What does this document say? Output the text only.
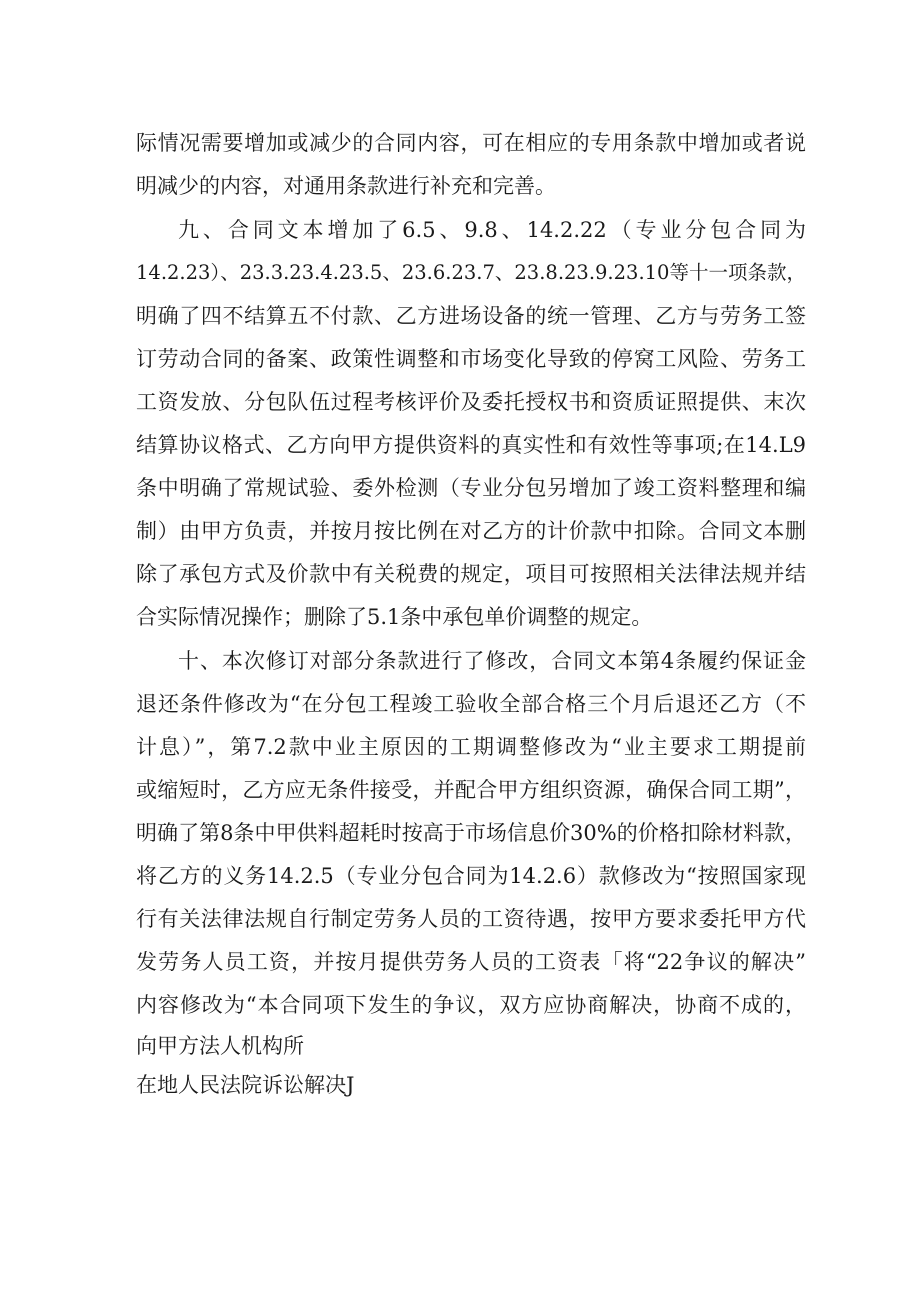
际情况需要增加或减少的合同内容，可在相应的专用条款中增加或者说
明减少的内容，对通用条款进行补充和完善。
九、合同文本增加了6.5、9.8、14.2.22（专业分包合同为
14.2.23）、23.3.23.4.23.5、23.6.23.7、23.8.23.9.23.10等十一项条款，
明确了四不结算五不付款、乙方进场设备的统一管理、乙方与劳务工签
订劳动合同的备案、政策性调整和市场变化导致的停窝工风险、劳务工
工资发放、分包队伍过程考核评价及委托授权书和资质证照提供、末次
结算协议格式、乙方向甲方提供资料的真实性和有效性等事项;在14.L9
条中明确了常规试验、委外检测（专业分包另增加了竣工资料整理和编
制）由甲方负责，并按月按比例在对乙方的计价款中扣除。合同文本删
除了承包方式及价款中有关税费的规定，项目可按照相关法律法规并结
合实际情况操作；删除了5.1条中承包单价调整的规定。
十、本次修订对部分条款进行了修改，合同文本第4条履约保证金
退还条件修改为“在分包工程竣工验收全部合格三个月后退还乙方（不
计息）”，第7.2款中业主原因的工期调整修改为“业主要求工期提前
或缩短时，乙方应无条件接受，并配合甲方组织资源，确保合同工期”，
明确了第8条中甲供料超耗时按高于市场信息价30%的价格扣除材料款，
将乙方的义务14.2.5（专业分包合同为14.2.6）款修改为“按照国家现
行有关法律法规自行制定劳务人员的工资待遇，按甲方要求委托甲方代
发劳务人员工资，并按月提供劳务人员的工资表「将“22争议的解决”
内容修改为“本合同项下发生的争议，双方应协商解决，协商不成的，
向甲方法人机构所
在地人民法院诉讼解决J
